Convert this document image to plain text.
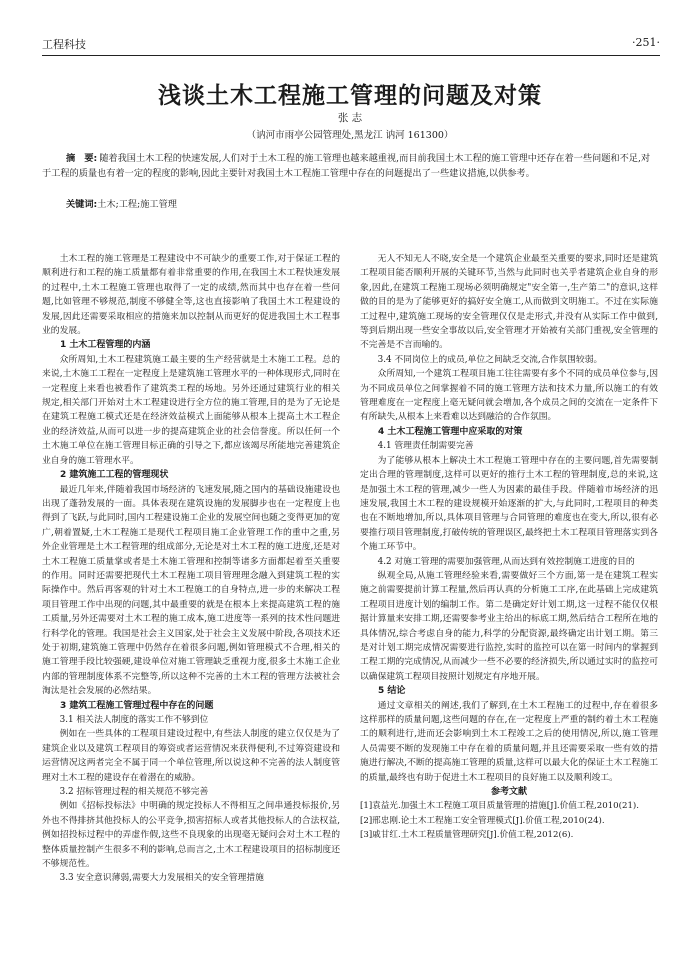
工程科技	·251·
浅谈土木工程施工管理的问题及对策
张 志
（讷河市雨亭公园管理处,黑龙江 讷河 161300）
摘　要: 随着我国土木工程的快速发展,人们对于土木工程的施工管理也越来越重视,而目前我国土木工程的施工管理中还存在着一些问题和不足,对于工程的质量也有着一定的程度的影响,因此主要针对我国土木工程施工管理中存在的问题提出了一些建议措施,以供参考。
关键词:土木;工程;施工管理

土木工程的施工管理是工程建设中不可缺少的重要工作,对于保证工程的顺利进行和工程的施工质量都有着非常重要的作用,在我国土木工程快速发展的过程中,土木工程施工管理也取得了一定的成绩,然而其中也存在着一些问题,比如管理不够规范,制度不够健全等,这也直接影响了我国土木工程建设的发展,因此还需要采取相应的措施来加以控制从而更好的促进我国土木工程事业的发展。

1 土木工程管理的内涵

众所周知,土木工程建筑施工最主要的生产经营就是土木施工工程。总的来说,土木施工工程在一定程度上是建筑施工管理水平的一种体现形式,同时在一定程度上来看也被看作了建筑类工程的场地。另外还通过建筑行业的相关规定,相关部门开始对土木工程建设进行全方位的施工管理,目的是为了无论是在建筑工程施工模式还是在经济效益模式上面能够从根本上提高土木工程企业的经济效益,从而可以进一步的提高建筑企业的社会信誉度。所以任何一个土木施工单位在施工管理目标正确的引导之下,都应该竭尽所能地完善建筑企业自身的施工管理水平。

2 建筑施工工程的管理现状

最近几年来,伴随着我国市场经济的飞速发展,随之国内的基础设施建设也出现了蓬勃发展的一面。具体表现在建筑设施的发展脚步也在一定程度上也得到了飞跃,与此同时,国内工程建设施工企业的发展空间也随之变得更加的宽广,朝着置疑,土木工程施工是现代工程项目施工企业管理工作的重中之重,另外企业管理是土木工程管理的组成部分,无论是对土木工程的施工进度,还是对土木工程施工质量掌或者是土木施工管理和控制等诸多方面都起着至关重要的作用。同时还需要把现代土木工程施工项目管理理念融入到建筑工程的实际操作中。然后再客观的针对土木工程施工的自身特点,进一步的来解决工程项目管理工作中出现的问题,其中最重要的就是在根本上来提高建筑工程的施工质量,另外还需要对土木工程的施工成本,施工进度等一系列的技术性问题进行科学化的管理。我国是社会主义国家,处于社会主义发展中阶段,各项技术还处于初期,建筑施工管理中仍然存在着很多问题,例如管理模式不合理,相关的施工管理手段比较强硬,建设单位对施工管理缺乏重视力度,很多土木施工企业内部的管理制度体系不完整等,所以这种不完善的土木工程的管理方法被社会淘汰是社会发展的必然结果。

3 建筑工程施工管理过程中存在的问题
3.1 相关法人制度的落实工作不够到位

例如在一些具体的工程项目建设过程中,有些法人制度的建立仅仅是为了建筑企业以及建筑工程项目的筹资或者运营情况来获得便利,不过筹资建设和运营情况这两者完全不属于同一个单位管理,所以说这种不完善的法人制度管理对土木工程的建设存在着潜在的威胁。

3.2 招标管理过程的相关规范不够完善

例如《招标投标法》中明确的规定投标人不得相互之间串通投标报价,另外也不得排挤其他投标人的公平竞争,损害招标人或者其他投标人的合法权益,例如招投标过程中的弄虚作假,这些不良现象的出现毫无疑问会对土木工程的整体质量控制产生很多不利的影响,总而言之,土木工程建设项目的招标制度还不够规范性。

3.3 安全意识薄弱,需要大力发展相关的安全管理措施

无人不知无人不晓,安全是一个建筑企业最至关重要的要求,同时还是建筑工程项目能否顺利开展的关键环节,当然与此同时也关乎者建筑企业自身的形象,因此,在建筑工程施工现场必须明确规定"安全第一,生产第二"的意识,这样做的目的是为了能够更好的搞好安全施工,从而做到文明施工。不过在实际施工过程中,建筑施工现场的安全管理仅仅是走形式,并没有从实际工作中做到,等到后期出现一些安全事故以后,安全管理才开始被有关部门重视,安全管理的不完善是不言而喻的。

3.4 不同岗位上的成员,单位之间缺乏交流,合作氛围较弱。

众所周知,一个建筑工程项目施工往往需要有多个不同的成员单位参与,因为不同成员单位之间掌握着不同的施工管理方法和技术力量,所以施工的有效管理难度在一定程度上毫无疑问就会增加,各个成员之间的交流在一定条件下有所缺失,从根本上来看难以达到融洽的合作氛围。

4 土木工程施工管理中应采取的对策
4.1 管理责任制需要完善

为了能够从根本上解决土木工程施工管理中存在的主要问题,首先需要制定出合理的管理制度,这样可以更好的推行土木工程的管理制度,总的来说,这是加强土木工程的管理,减少一些人为因素的最佳手段。伴随着市场经济的迅速发展,我国土木工程的建设规模开始逐渐的扩大,与此同时,工程项目的种类也在不断地增加,所以,具体项目管理与合同管理的难度也在变大,所以,很有必要推行项目管理制度,打破传统的管理误区,最终把土木工程项目管理落实到各个施工环节中。

4.2 对施工管理的需要加强管理,从而达到有效控制施工进度的目的

纵观全局,从施工管理经验来看,需要做好三个方面,第一是在建筑工程实施之前需要提前计算工程量,然后再认真的分析施工工序,在此基础上完成建筑工程项目进度计划的编制工作。第二是确定好计划工期,这一过程不能仅仅根据计算量来安排工期,还需要参考业主给出的标底工期,然后结合工程所在地的具体情况,综合考虑自身的能力,科学的分配资源,最终确定出计划工期。第三是对计划工期完成情况需要进行监控,实时的监控可以在第一时间内的掌握到工程工期的完成情况,从而减少一些不必要的经济损失,所以通过实时的监控可以确保建筑工程项目按照计划规定有序地开展。

5 结论

通过文章相关的阐述,我们了解到,在土木工程施工的过程中,存在着很多这样那样的质量问题,这些问题的存在,在一定程度上严重的制约着土木工程施工的顺利进行,进而还会影响到土木工程竣工之后的使用情况,所以,施工管理人员需要不断的发现施工中存在着的质量问题,并且还需要采取一些有效的措施进行解决,不断的提高施工管理的质量,这样可以最大化的保证土木工程施工的质量,最终也有助于促进土木工程项目的良好施工以及顺利竣工。

参考文献

[1]袁益光.加强土木工程施工项目质量管理的措施[J].价值工程,2010(21).

[2]邢忠刚.论土木工程施工安全管理模式[J].价值工程,2010(24).

[3]戚甘红.土木工程质量管理研究[J].价值工程,2012(6).
